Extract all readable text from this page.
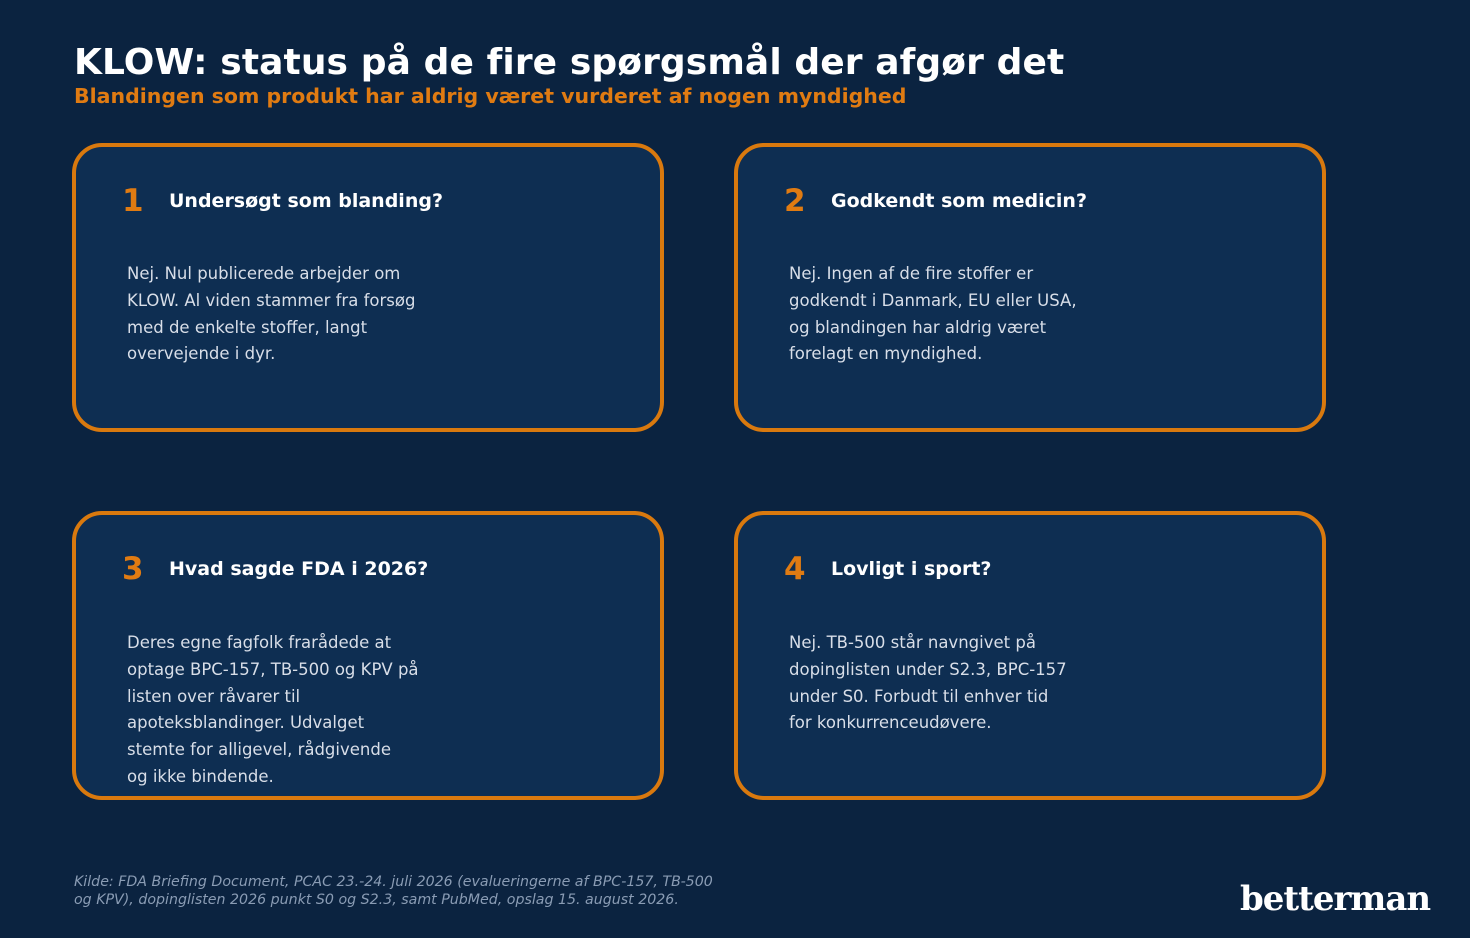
KLOW: status på de fire spørgsmål der afgør det
Blandingen som produkt har aldrig været vurderet af nogen myndighed
1 Undersøgt som blanding?
Nej. Nul publicerede arbejder om
KLOW. Al viden stammer fra forsøg
med de enkelte stoffer, langt
overvejende i dyr.
2 Godkendt som medicin?
Nej. Ingen af de fire stoffer er
godkendt i Danmark, EU eller USA,
og blandingen har aldrig været
forelagt en myndighed.
3 Hvad sagde FDA i 2026?
Deres egne fagfolk frarådede at
optage BPC-157, TB-500 og KPV på
listen over råvarer til
apoteksblandinger. Udvalget
stemte for alligevel, rådgivende
og ikke bindende.
4 Lovligt i sport?
Nej. TB-500 står navngivet på
dopinglisten under S2.3, BPC-157
under S0. Forbudt til enhver tid
for konkurrenceudøvere.
Kilde: FDA Briefing Document, PCAC 23.-24. juli 2026 (evalueringerne af BPC-157, TB-500
og KPV), dopinglisten 2026 punkt S0 og S2.3, samt PubMed, opslag 15. august 2026.	betterman
